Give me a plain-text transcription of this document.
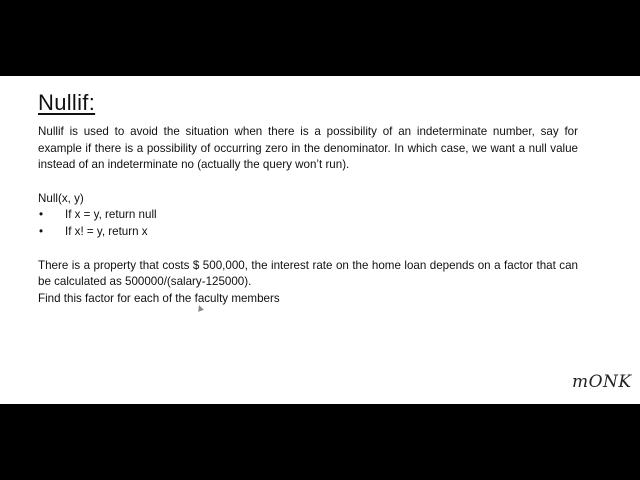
Nullif:

Nullif is used to avoid the situation when there is a possibility of an indeterminate number, say for example if there is a possibility of occurring zero in the denominator. In which case, we want a null value instead of an indeterminate no (actually the query won’t run).

Null(x, y)

•	If x = y, return null
•	If x! = y, return x

There is a property that costs $ 500,000, the interest rate on the home loan depends on a factor that can be calculated as 500000/(salary-125000).

Find this factor for each of the faculty members

mONK
